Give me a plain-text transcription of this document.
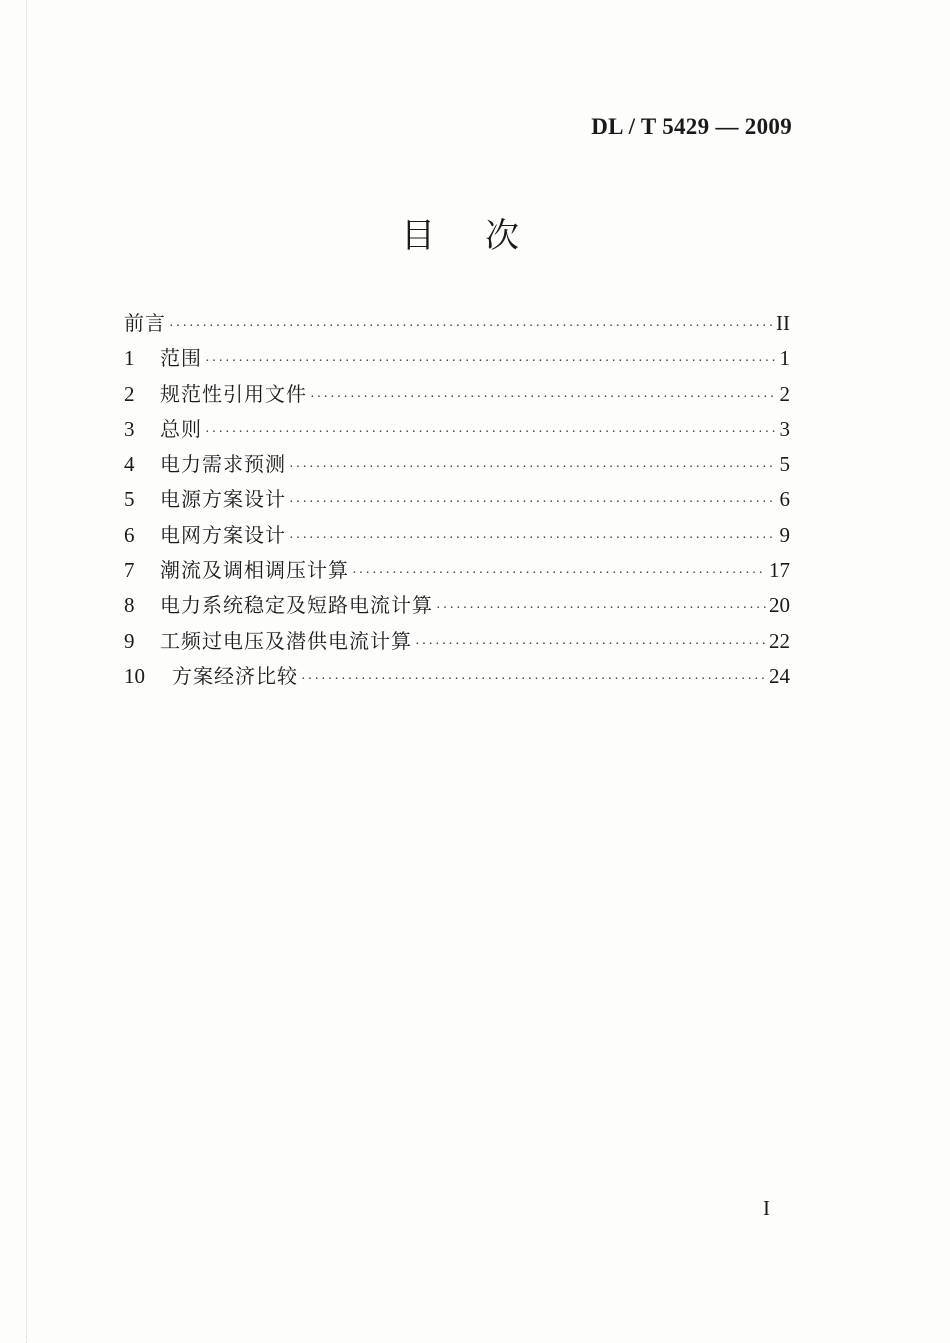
DL / T 5429 — 2009
目次
前言 ·····	II
1	范围 ·····	1
2	规范性引用文件 ·····	2
3	总则 ·····	3
4	电力需求预测 ·····	5
5	电源方案设计 ·····	6
6	电网方案设计 ·····	9
7	潮流及调相调压计算 ·····	17
8	电力系统稳定及短路电流计算 ·····	20
9	工频过电压及潜供电流计算 ·····	22
10	方案经济比较 ·····	24
I
